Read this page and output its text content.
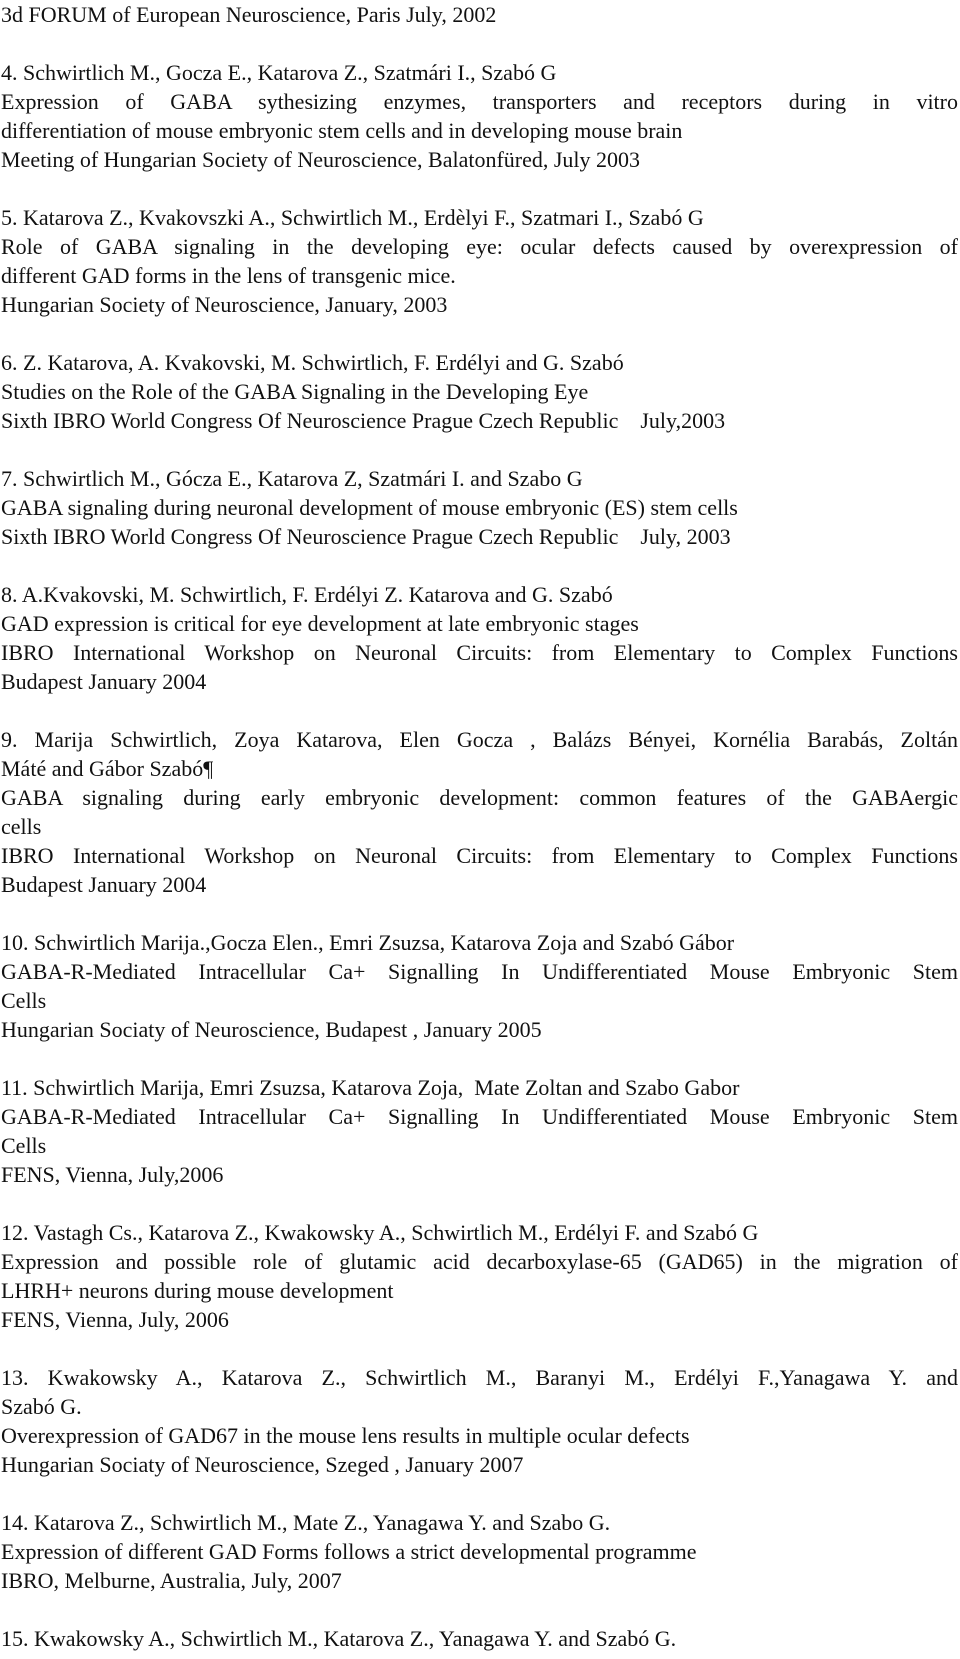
3d FORUM of European Neuroscience, Paris July, 2002
4. Schwirtlich M., Gocza E., Katarova Z., Szatmári I., Szabó G
Expression of GABA sythesizing enzymes, transporters and receptors during in vitro
differentiation of mouse embryonic stem cells and in developing mouse brain
Meeting of Hungarian Society of Neuroscience, Balatonfüred, July 2003
5. Katarova Z., Kvakovszki A., Schwirtlich M., Erdèlyi F., Szatmari I., Szabó G
Role of GABA signaling in the developing eye: ocular defects caused by overexpression of
different GAD forms in the lens of transgenic mice.
Hungarian Society of Neuroscience, January, 2003
6. Z. Katarova, A. Kvakovski, M. Schwirtlich, F. Erdélyi and G. Szabó
Studies on the Role of the GABA Signaling in the Developing Eye
Sixth IBRO World Congress Of Neuroscience Prague Czech Republic    July,2003
7. Schwirtlich M., Gócza E., Katarova Z, Szatmári I. and Szabo G
GABA signaling during neuronal development of mouse embryonic (ES) stem cells
Sixth IBRO World Congress Of Neuroscience Prague Czech Republic    July, 2003
8. A.Kvakovski, M. Schwirtlich, F. Erdélyi Z. Katarova and G. Szabó
GAD expression is critical for eye development at late embryonic stages
IBRO International Workshop on Neuronal Circuits: from Elementary to Complex Functions
Budapest January 2004
9. Marija Schwirtlich, Zoya Katarova, Elen Gocza , Balázs Bényei, Kornélia Barabás, Zoltán
Máté and Gábor Szabó¶
GABA signaling during early embryonic development: common features of the GABAergic
cells
IBRO International Workshop on Neuronal Circuits: from Elementary to Complex Functions
Budapest January 2004
10. Schwirtlich Marija.,Gocza Elen., Emri Zsuzsa, Katarova Zoja and Szabó Gábor
GABA-R-Mediated Intracellular Ca+ Signalling In Undifferentiated Mouse Embryonic Stem
Cells
Hungarian Sociaty of Neuroscience, Budapest , January 2005
11. Schwirtlich Marija, Emri Zsuzsa, Katarova Zoja,  Mate Zoltan and Szabo Gabor
GABA-R-Mediated Intracellular Ca+ Signalling In Undifferentiated Mouse Embryonic Stem
Cells
FENS, Vienna, July,2006
12. Vastagh Cs., Katarova Z., Kwakowsky A., Schwirtlich M., Erdélyi F. and Szabó G
Expression and possible role of glutamic acid decarboxylase-65 (GAD65) in the migration of
LHRH+ neurons during mouse development
FENS, Vienna, July, 2006
13. Kwakowsky A., Katarova Z., Schwirtlich M., Baranyi M., Erdélyi F.,Yanagawa Y. and
Szabó G.
Overexpression of GAD67 in the mouse lens results in multiple ocular defects
Hungarian Sociaty of Neuroscience, Szeged , January 2007
14. Katarova Z., Schwirtlich M., Mate Z., Yanagawa Y. and Szabo G.
Expression of different GAD Forms follows a strict developmental programme
IBRO, Melburne, Australia, July, 2007
15. Kwakowsky A., Schwirtlich M., Katarova Z., Yanagawa Y. and Szabó G.
